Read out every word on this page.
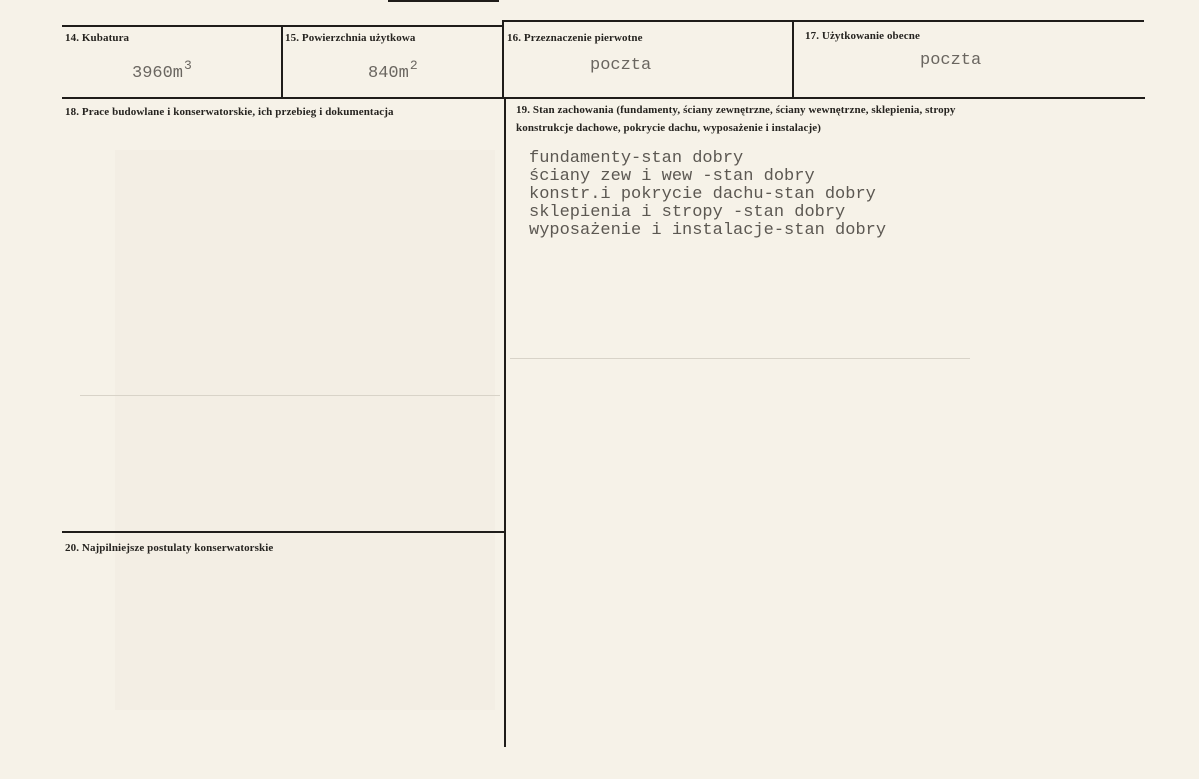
14. Kubatura
$3960m^3$
15. Powierzchnia użytkowa
$840m^2$
16. Przeznaczenie pierwotne
poczta
17. Użytkowanie obecne
poczta
18. Prace budowlane i konserwatorskie, ich przebieg i dokumentacja	19. Stan zachowania (fundamenty, ściany zewnętrzne, ściany wewnętrzne, sklepienia, stropy
konstrukcje dachowe, pokrycie dachu, wyposażenie i instalacje)
fundamenty-stan dobry
ściany zew i wew -stan dobry
konstr.i pokrycie dachu-stan dobry
sklepienia i stropy -stan dobry
wyposażenie i instalacje-stan dobry
20. Najpilniejsze postulaty konserwatorskie
